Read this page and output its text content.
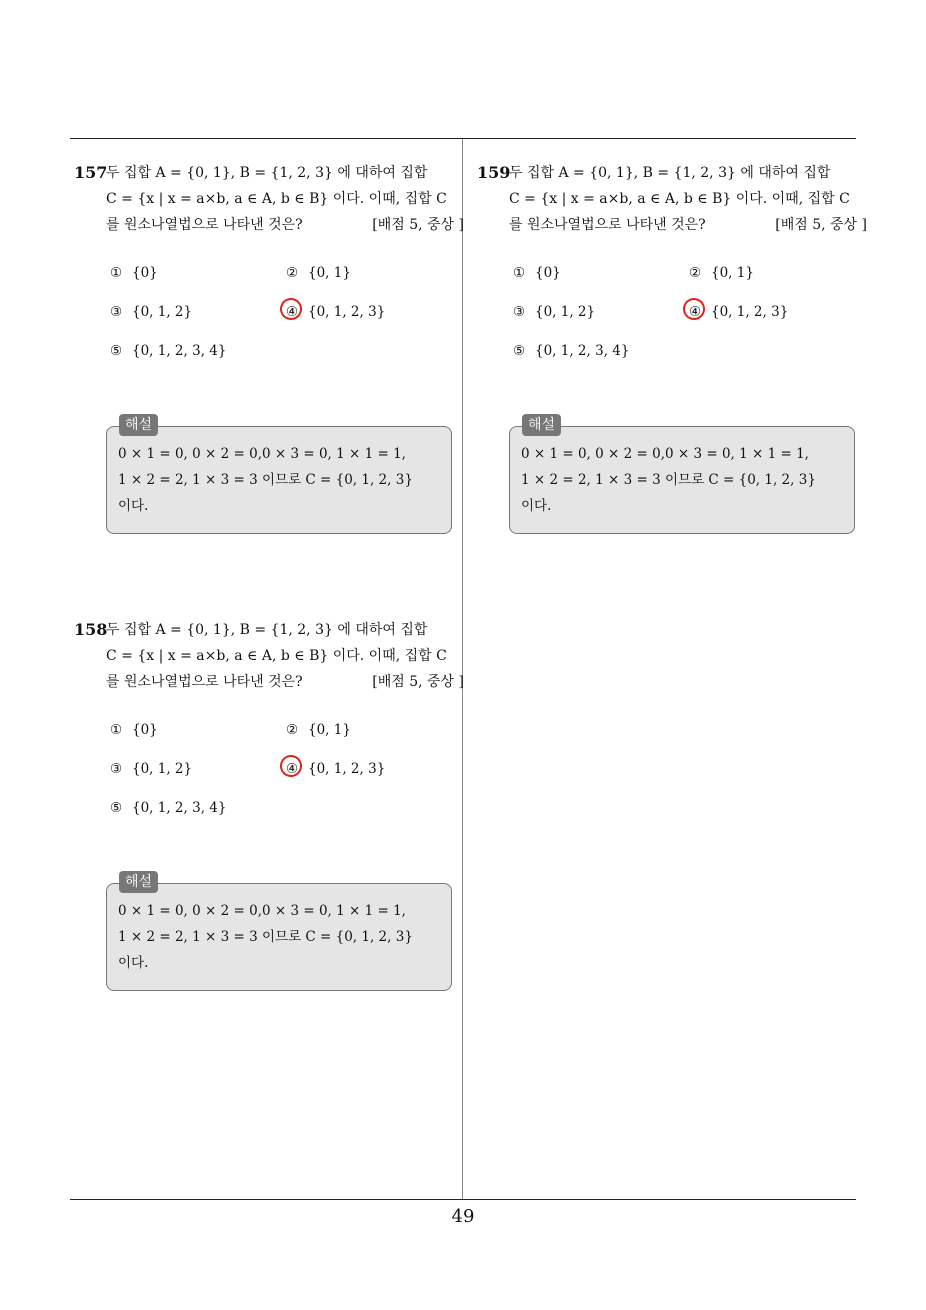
157
두 집합 A = {0, 1}, B = {1, 2, 3} 에 대하여 집합
C = {x | x = a×b, a ∈ A, b ∈ B} 이다. 이때, 집합 C
를 원소나열법으로 나타낸 것은?	[배점 5, 중상 ]
① {0}	② {0, 1}
③ {0, 1, 2}	④ {0, 1, 2, 3}
⑤ {0, 1, 2, 3, 4}
해설
0 × 1 = 0, 0 × 2 = 0,0 × 3 = 0, 1 × 1 = 1,
1 × 2 = 2, 1 × 3 = 3 이므로 C = {0, 1, 2, 3}
이다.
158
두 집합 A = {0, 1}, B = {1, 2, 3} 에 대하여 집합
C = {x | x = a×b, a ∈ A, b ∈ B} 이다. 이때, 집합 C
를 원소나열법으로 나타낸 것은?	[배점 5, 중상 ]
① {0}	② {0, 1}
③ {0, 1, 2}	④ {0, 1, 2, 3}
⑤ {0, 1, 2, 3, 4}
해설
0 × 1 = 0, 0 × 2 = 0,0 × 3 = 0, 1 × 1 = 1,
1 × 2 = 2, 1 × 3 = 3 이므로 C = {0, 1, 2, 3}
이다.
159
두 집합 A = {0, 1}, B = {1, 2, 3} 에 대하여 집합
C = {x | x = a×b, a ∈ A, b ∈ B} 이다. 이때, 집합 C
를 원소나열법으로 나타낸 것은?	[배점 5, 중상 ]
① {0}	② {0, 1}
③ {0, 1, 2}	④ {0, 1, 2, 3}
⑤ {0, 1, 2, 3, 4}
해설
0 × 1 = 0, 0 × 2 = 0,0 × 3 = 0, 1 × 1 = 1,
1 × 2 = 2, 1 × 3 = 3 이므로 C = {0, 1, 2, 3}
이다.
49
